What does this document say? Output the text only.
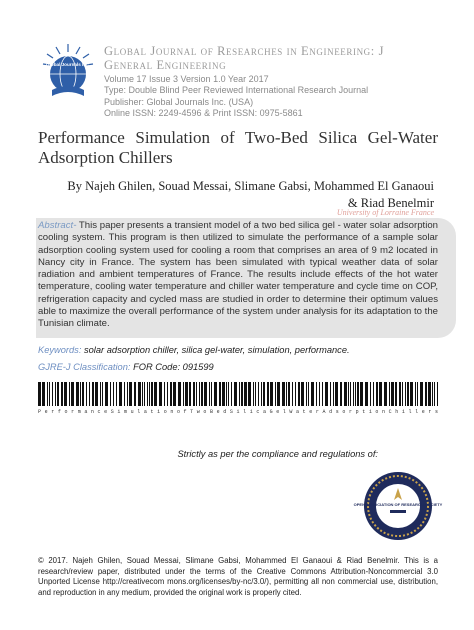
Global Journals Inc.

Global Journal of Researches in Engineering: J

General Engineering

Volume 17 Issue 3 Version 1.0 Year 2017
Type: Double Blind Peer Reviewed International Research Journal
Publisher: Global Journals Inc. (USA)
Online ISSN: 2249-4596 & Print ISSN: 0975-5861
Performance Simulation of Two-Bed Silica Gel-Water Adsorption Chillers
By Najeh Ghilen, Souad Messai, Slimane Gabsi, Mohammed El Ganaoui
& Riad Benelmir
University of Lorraine France

Abstract- This paper presents a transient model of a two bed silica gel - water solar adsorption cooling system. This program is then utilized to simulate the performance of a sample solar adsorption cooling system used for cooling a room that comprises an area of 9 m2 located in Nancy city in France. The system has been simulated with typical weather data of solar radiation and ambient temperatures of France. The results include effects of the hot water temperature, cooling water temperature and chiller water temperature and cycle time on COP, refrigeration capacity and cycled mass are studied in order to determine their optimum values able to maximize the overall performance of the system under analysis for its adaptation to the Tunisian climate.

Keywords: solar adsorption chiller, silica gel-water, simulation, performance.
GJRE-J Classification: FOR Code: 091599
PerformanceSimulationofTwoBedSilicaGelWaterAdsorptionChillers
Strictly as per the compliance and regulations of:
OPEN ASSOCIATION OF RESEARCH SOCIETY

© 2017. Najeh Ghilen, Souad Messai, Slimane Gabsi, Mohammed El Ganaoui & Riad Benelmir. This is a research/review paper, distributed under the terms of the Creative Commons Attribution-Noncommercial 3.0 Unported License http://creativecom mons.org/licenses/by-nc/3.0/), permitting all non commercial use, distribution, and reproduction in any medium, provided the original work is properly cited.
